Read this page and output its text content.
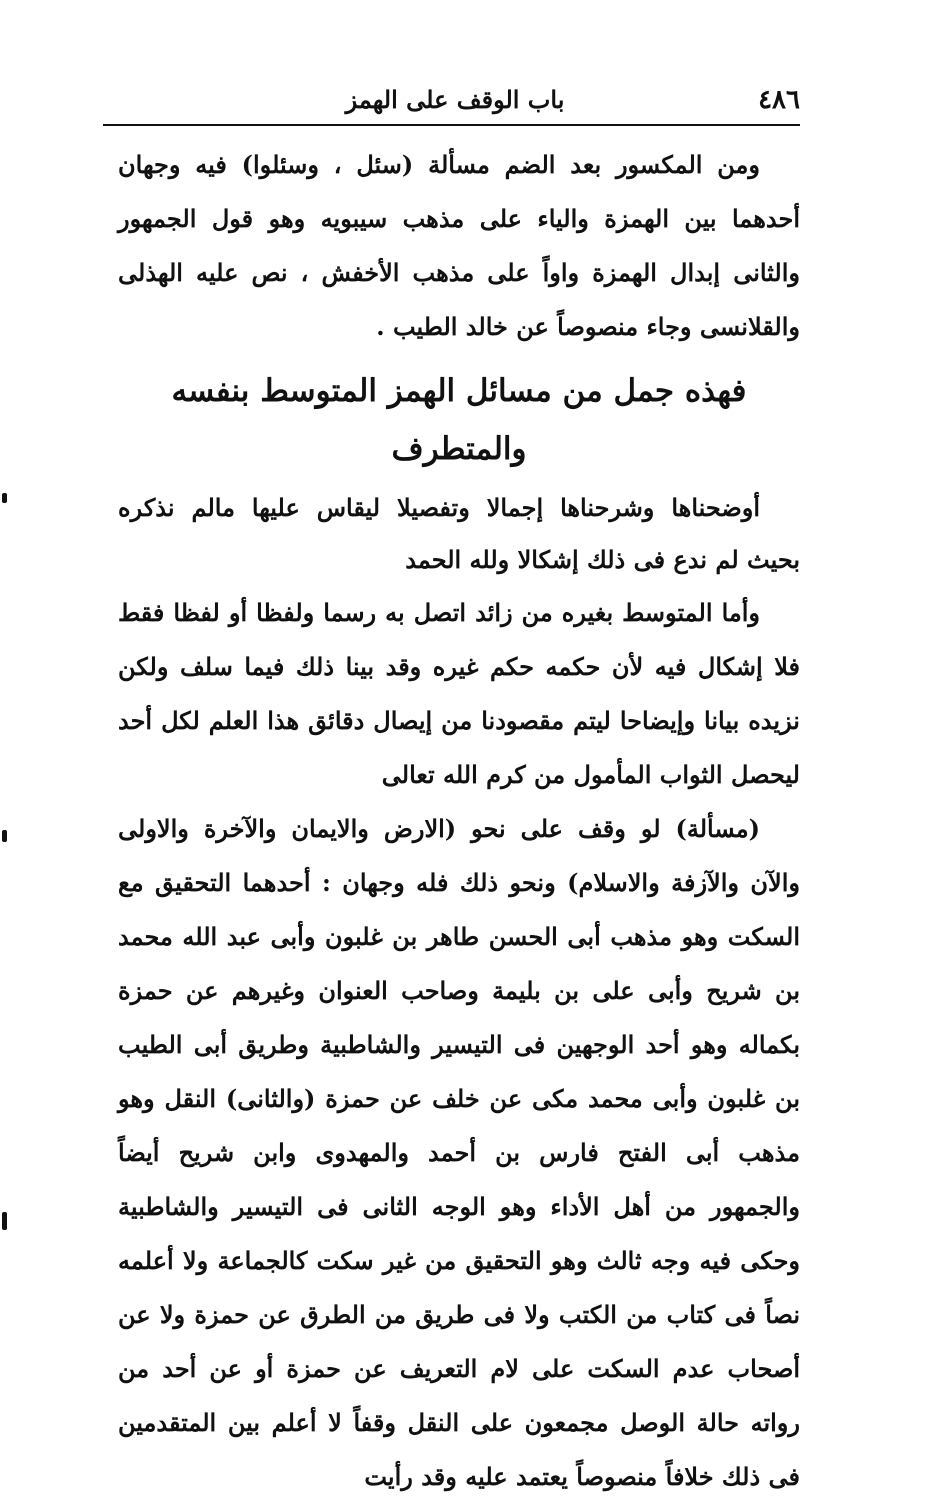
٤٨٦
باب الوقف على الهمز

ومن المكسور بعد الضم مسألة (سئل ، وسئلوا) فيه وجهان أحدهما بين الهمزة والياء على مذهب سيبويه وهو قول الجمهور والثانى إبدال الهمزة واواً على مذهب الأخفش ، نص عليه الهذلى والقلانسى وجاء منصوصاً عن خالد الطيب .

فهذه جمل من مسائل الهمز المتوسط بنفسه والمتطرف

أوضحناها وشرحناها إجمالا وتفصيلا ليقاس عليها مالم نذكره بحيث لم ندع فى ذلك إشكالا ولله الحمد

وأما المتوسط بغيره من زائد اتصل به رسما ولفظا أو لفظا فقط فلا إشكال فيه لأن حكمه حكم غيره وقد بينا ذلك فيما سلف ولكن نزيده بيانا وإيضاحا ليتم مقصودنا من إيصال دقائق هذا العلم لكل أحد ليحصل الثواب المأمول من كرم الله تعالى

(مسألة) لو وقف على نحو (الارض والايمان والآخرة والاولى والآن والآزفة والاسلام) ونحو ذلك فله وجهان : أحدهما التحقيق مع السكت وهو مذهب أبى الحسن طاهر بن غلبون وأبى عبد الله محمد بن شريح وأبى على بن بليمة وصاحب العنوان وغيرهم عن حمزة بكماله وهو أحد الوجهين فى التيسير والشاطبية وطريق أبى الطيب بن غلبون وأبى محمد مكى عن خلف عن حمزة (والثانى) النقل وهو مذهب أبى الفتح فارس بن أحمد والمهدوى وابن شريح أيضاً والجمهور من أهل الأداء وهو الوجه الثانى فى التيسير والشاطبية وحكى فيه وجه ثالث وهو التحقيق من غير سكت كالجماعة ولا أعلمه نصاً فى كتاب من الكتب ولا فى طريق من الطرق عن حمزة ولا عن أصحاب عدم السكت على لام التعريف عن حمزة أو عن أحد من رواته حالة الوصل مجمعون على النقل وقفاً لا أعلم بين المتقدمين فى ذلك خلافاً منصوصاً يعتمد عليه وقد رأيت
